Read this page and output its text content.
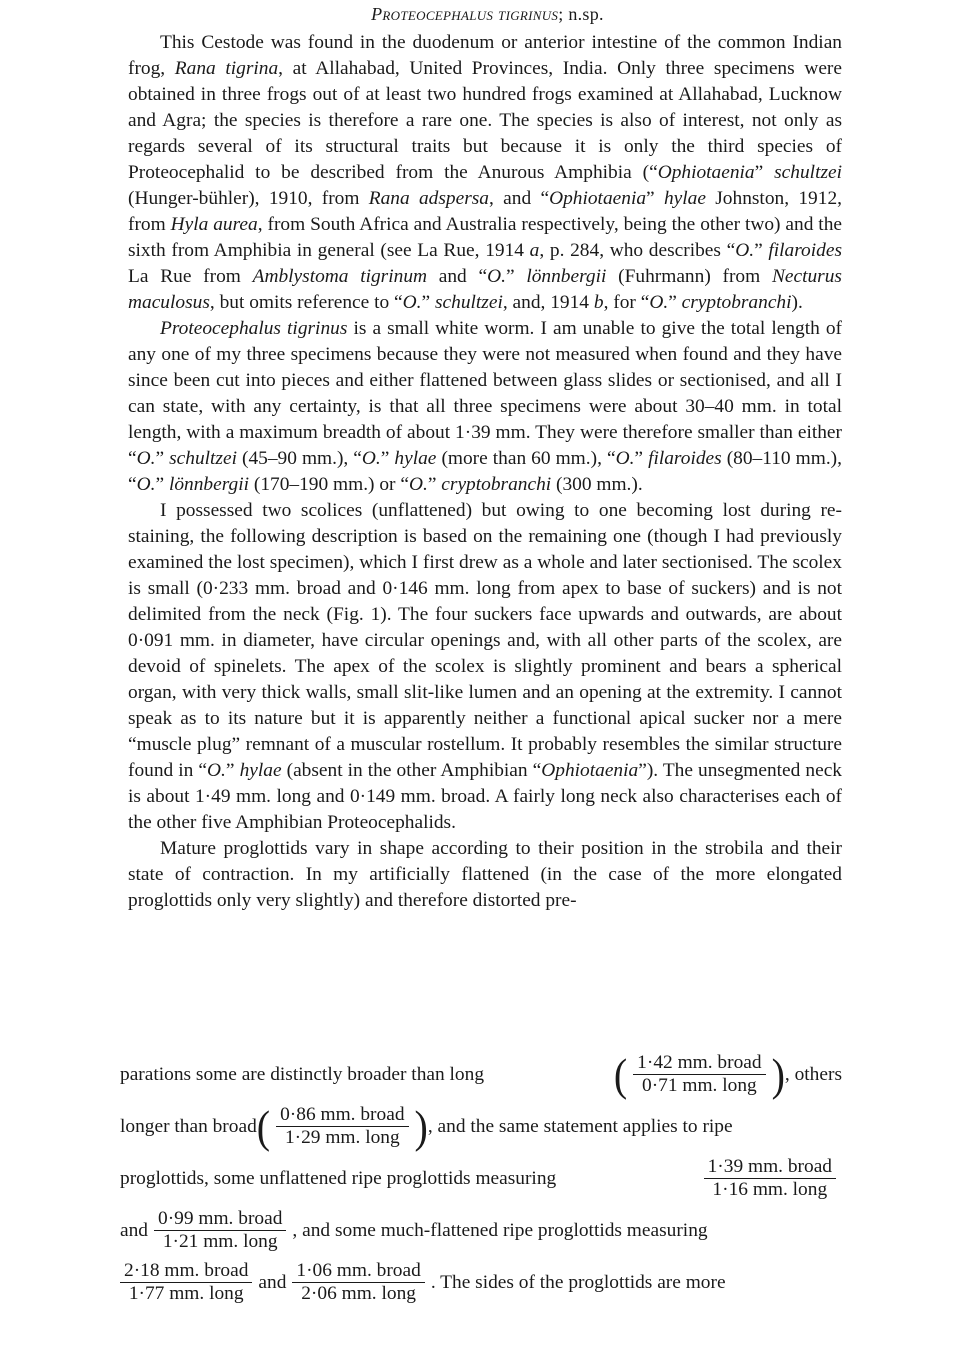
Proteocephalus tigrinus; n.sp.

This Cestode was found in the duodenum or anterior intestine of the common Indian frog, Rana tigrina, at Allahabad, United Provinces, India. Only three specimens were obtained in three frogs out of at least two hundred frogs examined at Allahabad, Lucknow and Agra; the species is therefore a rare one. The species is also of interest, not only as regards several of its structural traits but because it is only the third species of Proteocephalid to be described from the Anurous Amphibia (“Ophiotaenia” schultzei (Hunger-bühler), 1910, from Rana adspersa, and “Ophiotaenia” hylae Johnston, 1912, from Hyla aurea, from South Africa and Australia respectively, being the other two) and the sixth from Amphibia in general (see La Rue, 1914 a, p. 284, who describes “O.” filaroides La Rue from Amblystoma tigrinum and “O.” lönnbergii (Fuhrmann) from Necturus maculosus, but omits reference to “O.” schultzei, and, 1914 b, for “O.” cryptobranchi).

Proteocephalus tigrinus is a small white worm. I am unable to give the total length of any one of my three specimens because they were not measured when found and they have since been cut into pieces and either flattened between glass slides or sectionised, and all I can state, with any certainty, is that all three specimens were about 30–40 mm. in total length, with a maximum breadth of about 1·39 mm. They were therefore smaller than either “O.” schultzei (45–90 mm.), “O.” hylae (more than 60 mm.), “O.” filaroides (80–110 mm.), “O.” lönnbergii (170–190 mm.) or “O.” cryptobranchi (300 mm.).

I possessed two scolices (unflattened) but owing to one becoming lost during re-staining, the following description is based on the remaining one (though I had previously examined the lost specimen), which I first drew as a whole and later sectionised. The scolex is small (0·233 mm. broad and 0·146 mm. long from apex to base of suckers) and is not delimited from the neck (Fig. 1). The four suckers face upwards and outwards, are about 0·091 mm. in diameter, have circular openings and, with all other parts of the scolex, are devoid of spinelets. The apex of the scolex is slightly prominent and bears a spherical organ, with very thick walls, small slit-like lumen and an opening at the extremity. I cannot speak as to its nature but it is apparently neither a functional apical sucker nor a mere “muscle plug” remnant of a muscular rostellum. It probably resembles the similar structure found in “O.” hylae (absent in the other Amphibian “Ophiotaenia”). The unsegmented neck is about 1·49 mm. long and 0·149 mm. broad. A fairly long neck also characterises each of the other five Amphibian Proteocephalids.

Mature proglottids vary in shape according to their position in the strobila and their state of contraction. In my artificially flattened (in the case of the more elongated proglottids only very slightly) and therefore distorted pre-

parations some are distinctly broader than long	( $\frac{\text{1·42 mm. broad}}{\text{0·71 mm. long}}$ ) , others
longer than broad ( $\frac{\text{0·86 mm. broad}}{\text{1·29 mm. long}}$ ) , and the same statement applies to ripe
proglottids, some unflattened ripe proglottids measuring	$\frac{\text{1·39 mm. broad}}{\text{1·16 mm. long}}$
and $\frac{\text{0·99 mm. broad}}{\text{1·21 mm. long}}$ , and some much-flattened ripe proglottids measuring
$\frac{\text{2·18 mm. broad}}{\text{1·77 mm. long}}$ and $\frac{\text{1·06 mm. broad}}{\text{2·06 mm. long}}$ . The sides of the proglottids are more
